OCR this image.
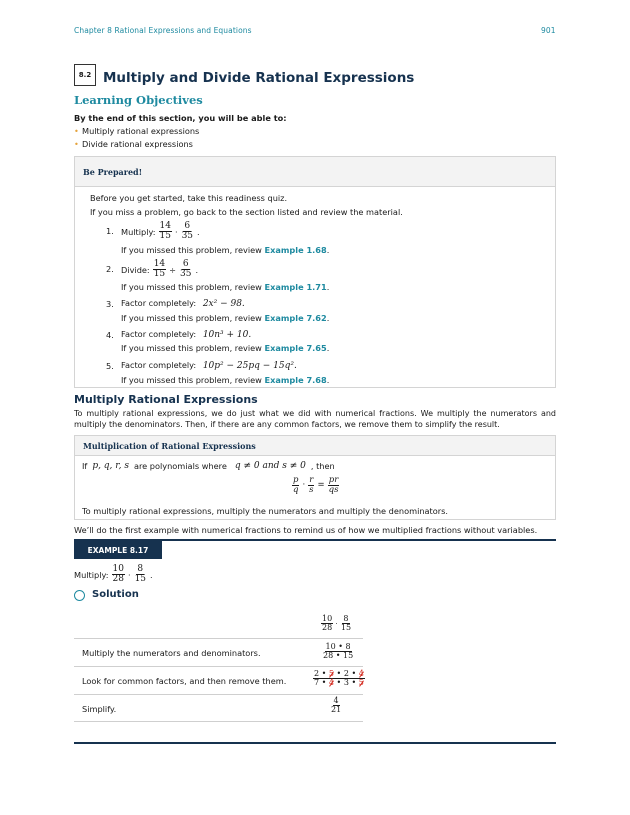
Chapter 8 Rational Expressions and Equations	901
8.2 Multiply and Divide Rational Expressions
Learning Objectives
By the end of this section, you will be able to:
• Multiply rational expressions
• Divide rational expressions
Be Prepared!
Before you get started, take this readiness quiz.
If you miss a problem, go back to the section listed and review the material.
1. Multiply: $\frac{14}{15} \cdot \frac{6}{35}$ .
If you missed this problem, review Example 1.68.
2. Divide: $\frac{14}{15} \div \frac{6}{35}$ .
If you missed this problem, review Example 1.71.
3. Factor completely: 2x² − 98.
If you missed this problem, review Example 7.62.
4. Factor completely: 10n³ + 10.
If you missed this problem, review Example 7.65.
5. Factor completely: 10p² − 25pq − 15q².
If you missed this problem, review Example 7.68.
Multiply Rational Expressions
To multiply rational expressions, we do just what we did with numerical fractions. We multiply the numerators and multiply the denominators. Then, if there are any common factors, we remove them to simplify the result.
Multiplication of Rational Expressions
If p, q, r, s are polynomials where q ≠ 0 and s ≠ 0 , then
$\frac{p}{q} \cdot \frac{r}{s} = \frac{pr}{qs}$
To multiply rational expressions, multiply the numerators and multiply the denominators.
We’ll do the first example with numerical fractions to remind us of how we multiplied fractions without variables.
EXAMPLE 8.17
Multiply: $\frac{10}{28} \cdot \frac{8}{15}$ .
Solution
$\frac{10}{28} \cdot \frac{8}{15}$
Multiply the numerators and denominators.	$\frac{10 • 8}{28 • 15}$
Look for common factors, and then remove them.	$\frac{2 • 5 • 2 • 4}{7 • 4 • 3 • 5}$
Simplify.	$\frac{4}{21}$
